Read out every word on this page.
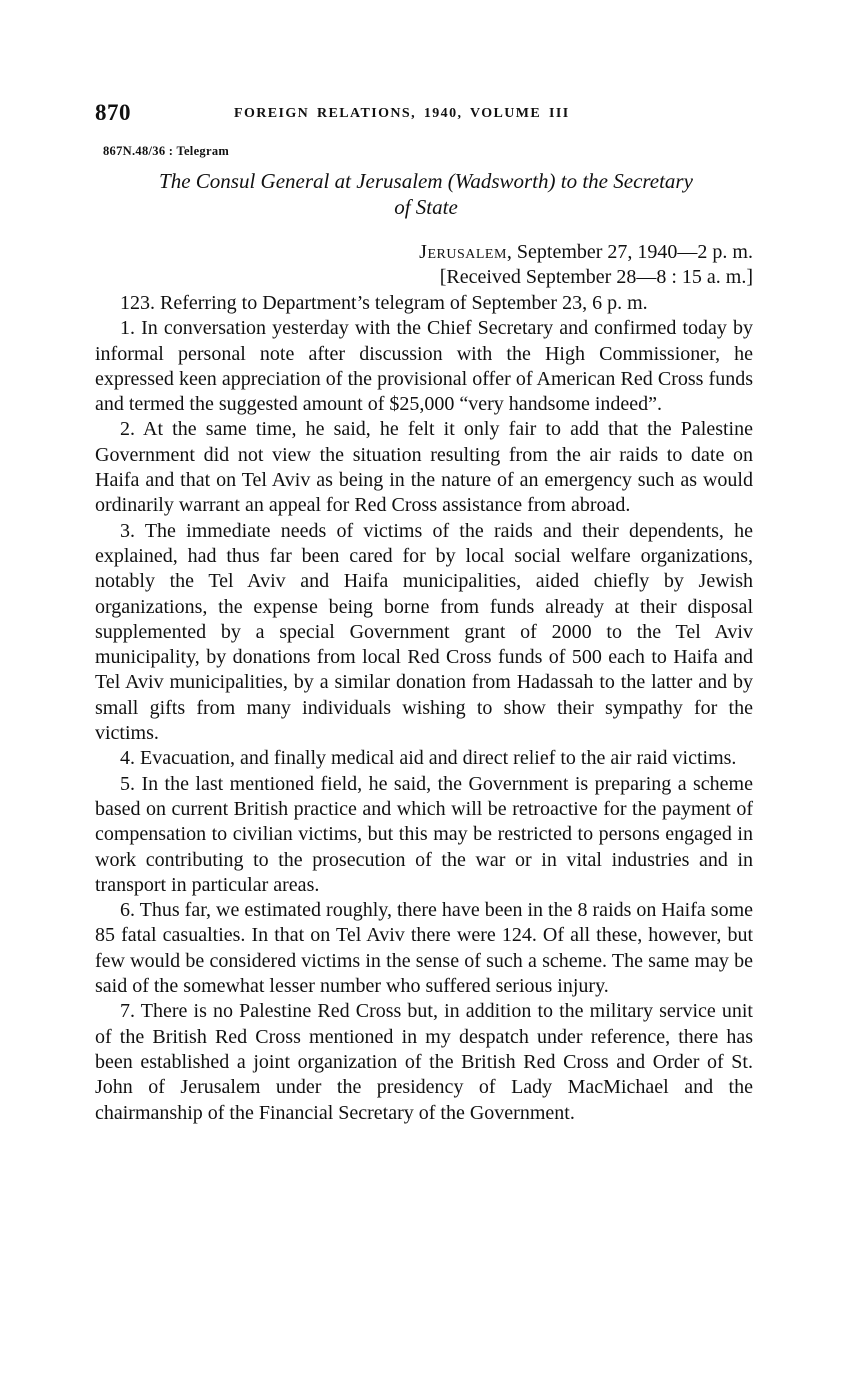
870	FOREIGN RELATIONS, 1940, VOLUME III
867N.48/36 : Telegram
The Consul General at Jerusalem (Wadsworth) to the Secretary
of State
Jerusalem, September 27, 1940—2 p. m.
[Received September 28—8 : 15 a. m.]

123. Referring to Department’s telegram of September 23, 6 p. m.

1. In conversation yesterday with the Chief Secretary and confirmed today by informal personal note after discussion with the High Commissioner, he expressed keen appreciation of the provisional offer of American Red Cross funds and termed the suggested amount of $25,000 “very handsome indeed”.

2. At the same time, he said, he felt it only fair to add that the Palestine Government did not view the situation resulting from the air raids to date on Haifa and that on Tel Aviv as being in the nature of an emergency such as would ordinarily warrant an appeal for Red Cross assistance from abroad.

3. The immediate needs of victims of the raids and their dependents, he explained, had thus far been cared for by local social welfare organizations, notably the Tel Aviv and Haifa municipalities, aided chiefly by Jewish organizations, the expense being borne from funds already at their disposal supplemented by a special Government grant of 2000 to the Tel Aviv municipality, by donations from local Red Cross funds of 500 each to Haifa and Tel Aviv municipalities, by a similar donation from Hadassah to the latter and by small gifts from many individuals wishing to show their sympathy for the victims.

4. Evacuation, and finally medical aid and direct relief to the air raid victims.

5. In the last mentioned field, he said, the Government is preparing a scheme based on current British practice and which will be retroactive for the payment of compensation to civilian victims, but this may be restricted to persons engaged in work contributing to the prosecution of the war or in vital industries and in transport in particular areas.

6. Thus far, we estimated roughly, there have been in the 8 raids on Haifa some 85 fatal casualties. In that on Tel Aviv there were 124. Of all these, however, but few would be considered victims in the sense of such a scheme. The same may be said of the somewhat lesser number who suffered serious injury.

7. There is no Palestine Red Cross but, in addition to the military service unit of the British Red Cross mentioned in my despatch under reference, there has been established a joint organization of the British Red Cross and Order of St. John of Jerusalem under the presidency of Lady MacMichael and the chairmanship of the Financial Secretary of the Government.
